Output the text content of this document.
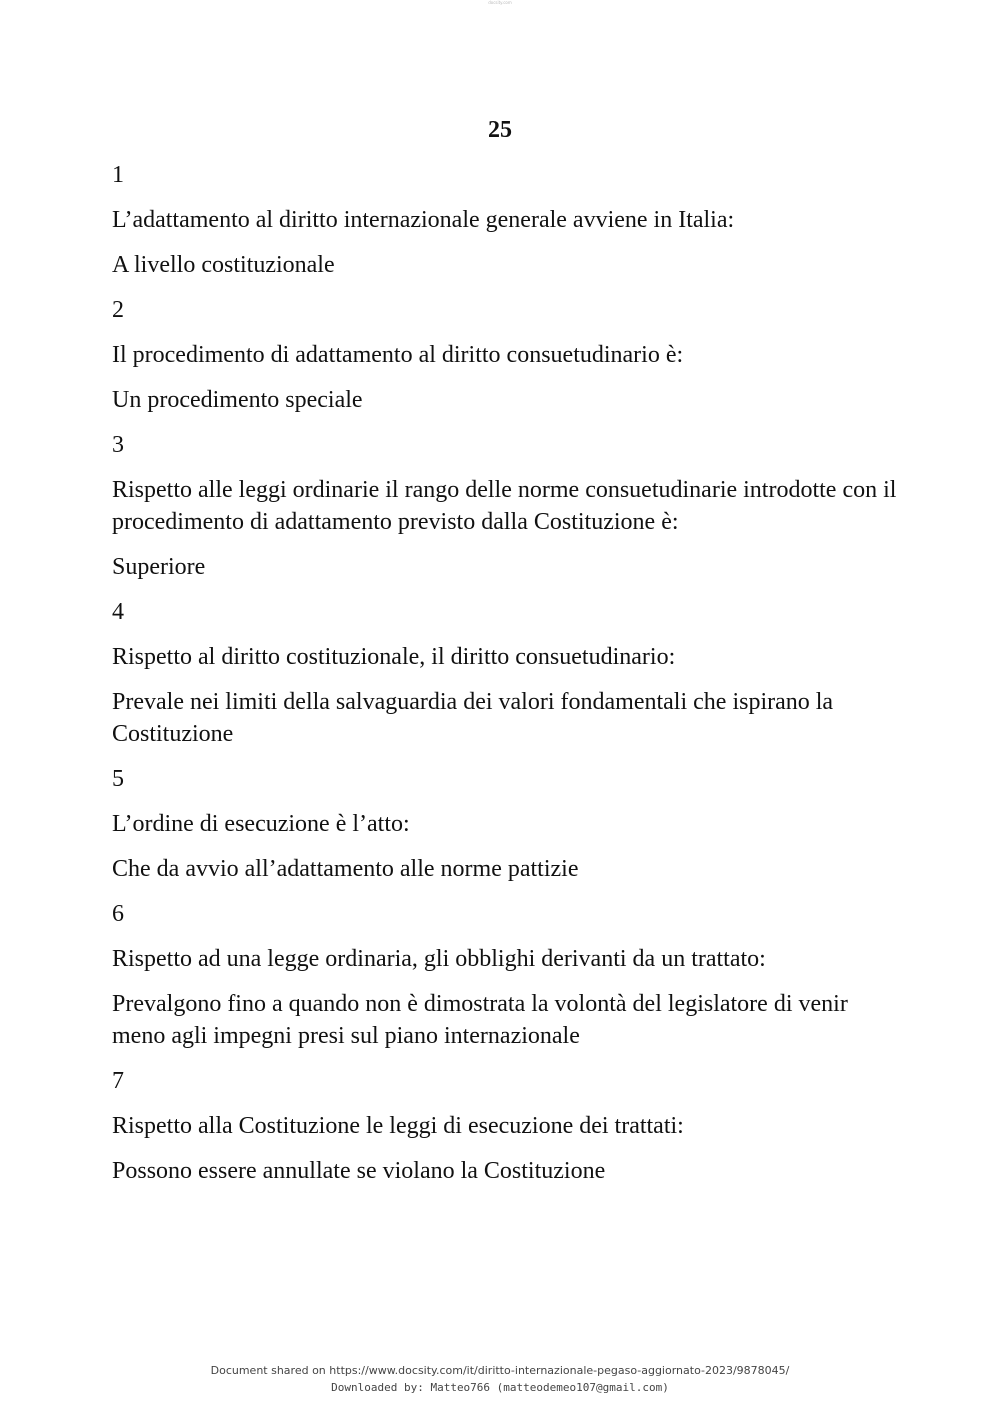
docsity.com
25

1

L’adattamento al diritto internazionale generale avviene in Italia:

A livello costituzionale

2

Il procedimento di adattamento al diritto consuetudinario è:

Un procedimento speciale

3

Rispetto alle leggi ordinarie il rango delle norme consuetudinarie introdotte con il procedimento di adattamento previsto dalla Costituzione è:

Superiore

4

Rispetto al diritto costituzionale, il diritto consuetudinario:

Prevale nei limiti della salvaguardia dei valori fondamentali che ispirano la Costituzione

5

L’ordine di esecuzione è l’atto:

Che da avvio all’adattamento alle norme pattizie

6

Rispetto ad una legge ordinaria, gli obblighi derivanti da un trattato:

Prevalgono fino a quando non è dimostrata la volontà del legislatore di venir meno agli impegni presi sul piano internazionale

7

Rispetto alla Costituzione le leggi di esecuzione dei trattati:

Possono essere annullate se violano la Costituzione

Document shared on https://www.docsity.com/it/diritto-internazionale-pegaso-aggiornato-2023/9878045/
Downloaded by: Matteo766 (matteodemeo107@gmail.com)
